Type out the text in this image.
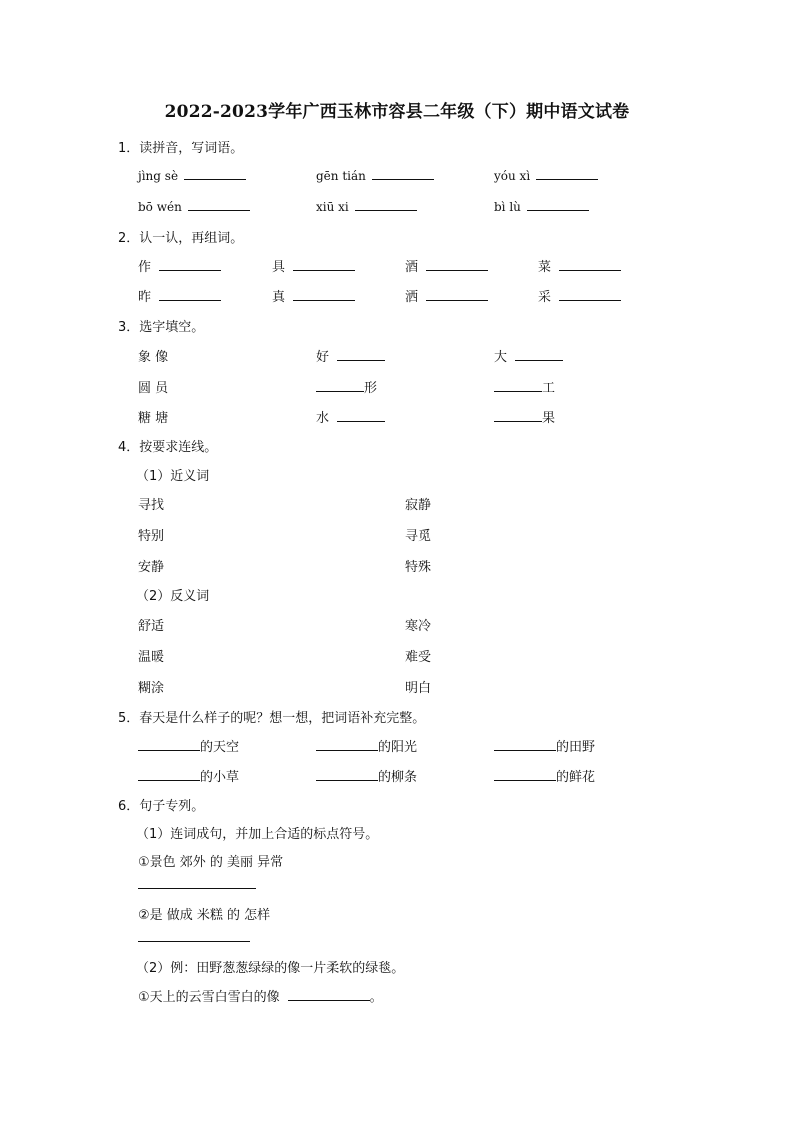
2022-2023学年广西玉林市容县二年级（下）期中语文试卷
1．读拼音，写词语。
jìng sè	gēn tián	yóu xì
bō wén	xiū xi	bì lù
2．认一认，再组词。
作	具	酒	菜
昨	真	洒	采
3．选字填空。
象 像	好	大
圆 员	形	工
糖 塘	水	果
4．按要求连线。
（1）近义词
寻找	寂静
特别	寻觅
安静	特殊
（2）反义词
舒适	寒冷
温暖	难受
糊涂	明白
5．春天是什么样子的呢？想一想，把词语补充完整。
的天空	的阳光	的田野
的小草	的柳条	的鲜花
6．句子专列。
（1）连词成句，并加上合适的标点符号。
①景色 郊外 的 美丽 异常
②是 做成 米糕 的 怎样
（2）例：田野葱葱绿绿的像一片柔软的绿毯。
①天上的云雪白雪白的像	。
